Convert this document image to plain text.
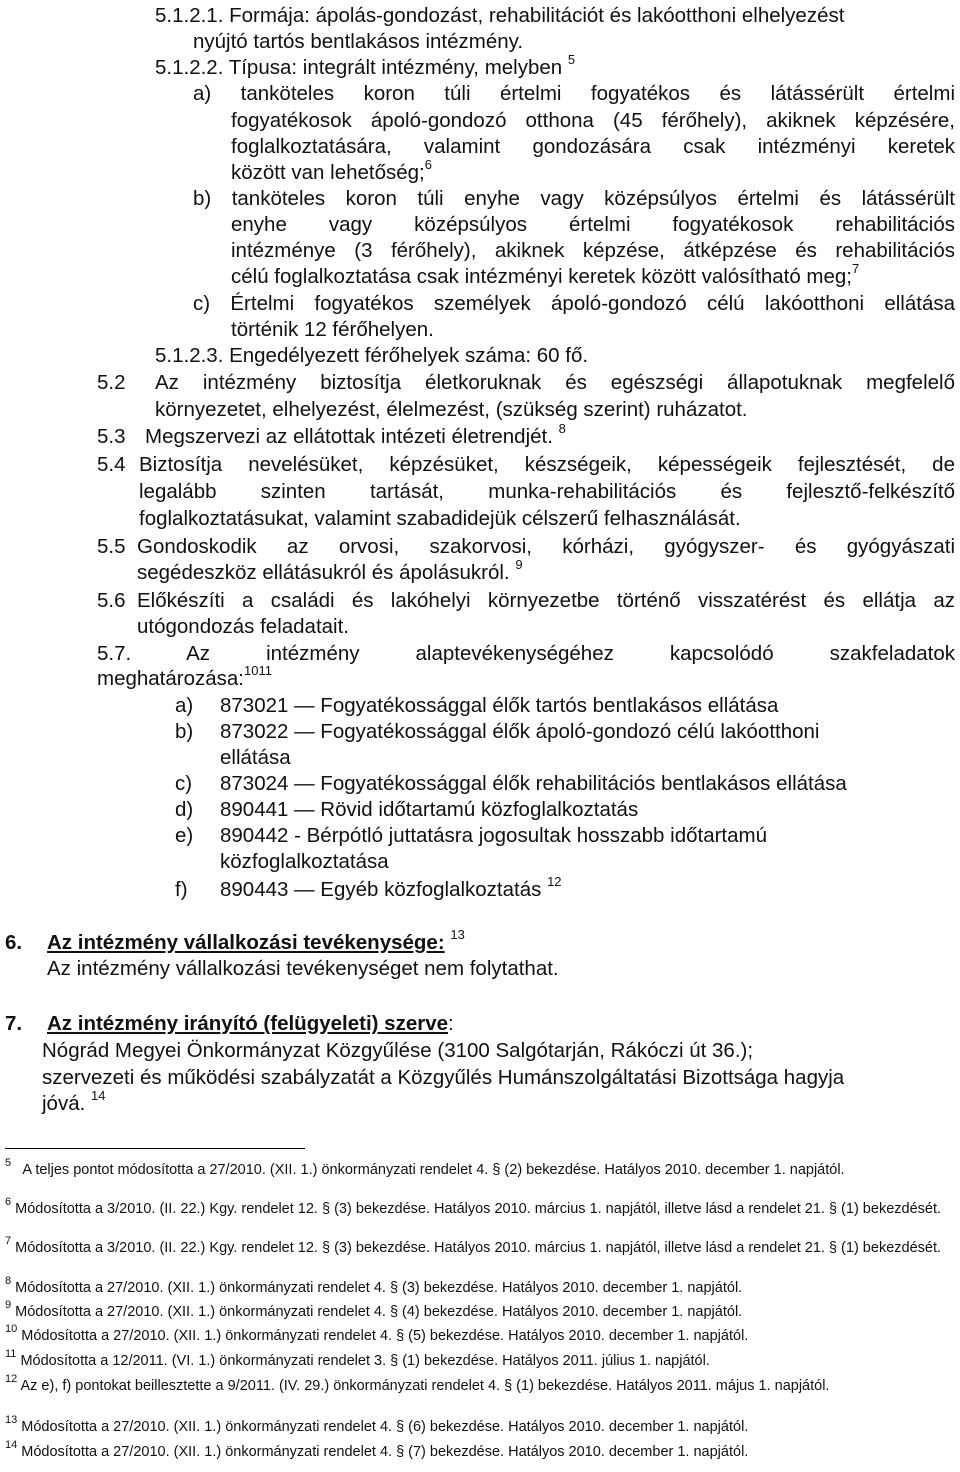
5.1.2.1. Formája: ápolás-gondozást, rehabilitációt és lakóotthoni elhelyezést
nyújtó tartós bentlakásos intézmény.
5.1.2.2. Típusa: integrált intézmény, melyben $^5$
a) tanköteles koron túli értelmi fogyatékos és látássérült értelmi
fogyatékosok ápoló-gondozó otthona (45 férőhely), akiknek képzésére,
foglalkoztatására, valamint gondozására csak intézményi keretek
között van lehetőség;$^6$
b) tanköteles koron túli enyhe vagy középsúlyos értelmi és látássérült
enyhe vagy középsúlyos értelmi fogyatékosok rehabilitációs
intézménye (3 férőhely), akiknek képzése, átképzése és rehabilitációs
célú foglalkoztatása csak intézményi keretek között valósítható meg;$^7$
c) Értelmi fogyatékos személyek ápoló-gondozó célú lakóotthoni ellátása
történik 12 férőhelyen.
5.1.2.3. Engedélyezett férőhelyek száma: 60 fő.
5.2 Az intézmény biztosítja életkoruknak és egészségi állapotuknak megfelelő
környezetet, elhelyezést, élelmezést, (szükség szerint) ruházatot.
5.3 Megszervezi az ellátottak intézeti életrendjét. $^8$
5.4 Biztosítja nevelésüket, képzésüket, készségeik, képességeik fejlesztését, de
legalább szinten tartását, munka-rehabilitációs és fejlesztő-felkészítő
foglalkoztatásukat, valamint szabadidejük célszerű felhasználását.
5.5 Gondoskodik az orvosi, szakorvosi, kórházi, gyógyszer- és gyógyászati
segédeszköz ellátásukról és ápolásukról. $^9$
5.6 Előkészíti a családi és lakóhelyi környezetbe történő visszatérést és ellátja az
utógondozás feladatait.
5.7. Az intézmény alaptevékenységéhez kapcsolódó szakfeladatok
meghatározása:$^{1011}$
a) 873021 ― Fogyatékossággal élők tartós bentlakásos ellátása
b) 873022 ― Fogyatékossággal élők ápoló-gondozó célú lakóotthoni
ellátása
c) 873024 ― Fogyatékossággal élők rehabilitációs bentlakásos ellátása
d) 890441 ― Rövid időtartamú közfoglalkoztatás
e) 890442 - Bérpótló juttatásra jogosultak hosszabb időtartamú
közfoglalkoztatása
f) 890443 ― Egyéb közfoglalkoztatás $^{12}$
6. Az intézmény vállalkozási tevékenysége: $^{13}$
Az intézmény vállalkozási tevékenységet nem folytathat.
7. Az intézmény irányító (felügyeleti) szerve:
Nógrád Megyei Önkormányzat Közgyűlése (3100 Salgótarján, Rákóczi út 36.);
szervezeti és működési szabályzatát a Közgyűlés Humánszolgáltatási Bizottsága hagyja
jóvá. $^{14}$
$^5$ A teljes pontot módosította a 27/2010. (XII. 1.) önkormányzati rendelet 4. § (2) bekezdése. Hatályos 2010. december 1. napjától.
$^6$ Módosította a 3/2010. (II. 22.) Kgy. rendelet 12. § (3) bekezdése. Hatályos 2010. március 1. napjától, illetve lásd a rendelet 21. § (1) bekezdését.
$^7$ Módosította a 3/2010. (II. 22.) Kgy. rendelet 12. § (3) bekezdése. Hatályos 2010. március 1. napjától, illetve lásd a rendelet 21. § (1) bekezdését.
$^8$ Módosította a 27/2010. (XII. 1.) önkormányzati rendelet 4. § (3) bekezdése. Hatályos 2010. december 1. napjától.
$^9$ Módosította a 27/2010. (XII. 1.) önkormányzati rendelet 4. § (4) bekezdése. Hatályos 2010. december 1. napjától.
$^{10}$ Módosította a 27/2010. (XII. 1.) önkormányzati rendelet 4. § (5) bekezdése. Hatályos 2010. december 1. napjától.
$^{11}$ Módosította a 12/2011. (VI. 1.) önkormányzati rendelet 3. § (1) bekezdése. Hatályos 2011. július 1. napjától.
$^{12}$ Az e), f) pontokat beillesztette a 9/2011. (IV. 29.) önkormányzati rendelet 4. § (1) bekezdése. Hatályos 2011. május 1. napjától.
$^{13}$ Módosította a 27/2010. (XII. 1.) önkormányzati rendelet 4. § (6) bekezdése. Hatályos 2010. december 1. napjától.
$^{14}$ Módosította a 27/2010. (XII. 1.) önkormányzati rendelet 4. § (7) bekezdése. Hatályos 2010. december 1. napjától.
